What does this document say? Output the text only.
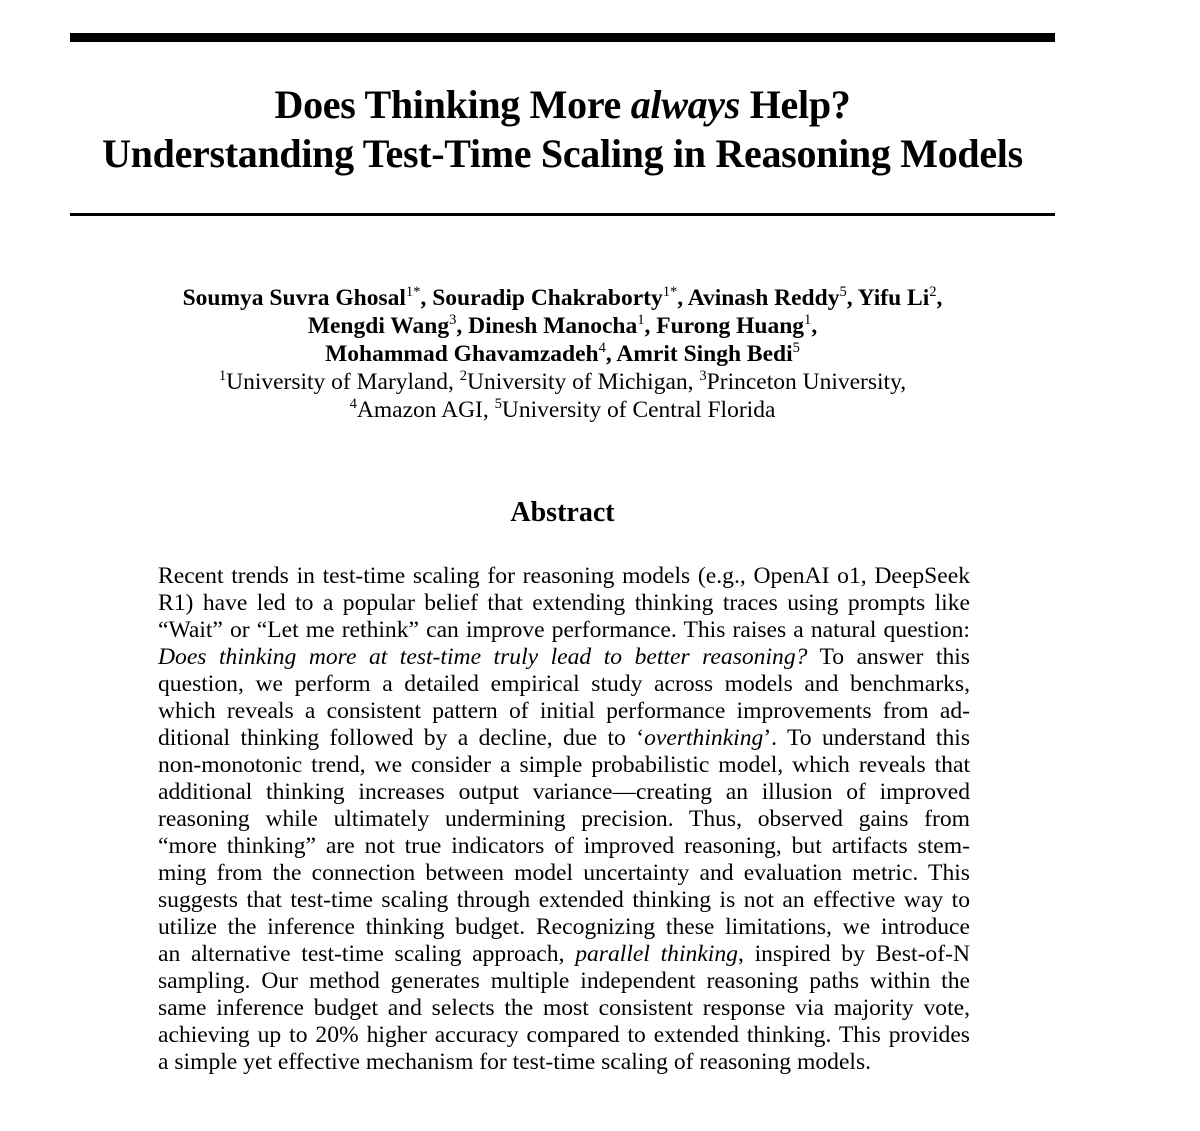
Does Thinking More always Help?
Understanding Test-Time Scaling in Reasoning Models
Soumya Suvra Ghosal$^{1*}$, Souradip Chakraborty$^{1*}$, Avinash Reddy$^5$, Yifu Li$^2$,
Mengdi Wang$^3$, Dinesh Manocha$^1$, Furong Huang$^1$,
Mohammad Ghavamzadeh$^4$, Amrit Singh Bedi$^5$
$^1$University of Maryland, $^2$University of Michigan, $^3$Princeton University,
$^4$Amazon AGI, $^5$University of Central Florida
Abstract
Recent trends in test-time scaling for reasoning models (e.g., OpenAI o1, DeepSeek
R1) have led to a popular belief that extending thinking traces using prompts like
“Wait” or “Let me rethink” can improve performance. This raises a natural question:
Does thinking more at test-time truly lead to better reasoning? To answer this
question, we perform a detailed empirical study across models and benchmarks,
which reveals a consistent pattern of initial performance improvements from ad-
ditional thinking followed by a decline, due to ‘overthinking’. To understand this
non-monotonic trend, we consider a simple probabilistic model, which reveals that
additional thinking increases output variance—creating an illusion of improved
reasoning while ultimately undermining precision. Thus, observed gains from
“more thinking” are not true indicators of improved reasoning, but artifacts stem-
ming from the connection between model uncertainty and evaluation metric. This
suggests that test-time scaling through extended thinking is not an effective way to
utilize the inference thinking budget. Recognizing these limitations, we introduce
an alternative test-time scaling approach, parallel thinking, inspired by Best-of-N
sampling. Our method generates multiple independent reasoning paths within the
same inference budget and selects the most consistent response via majority vote,
achieving up to 20% higher accuracy compared to extended thinking. This provides
a simple yet effective mechanism for test-time scaling of reasoning models.
